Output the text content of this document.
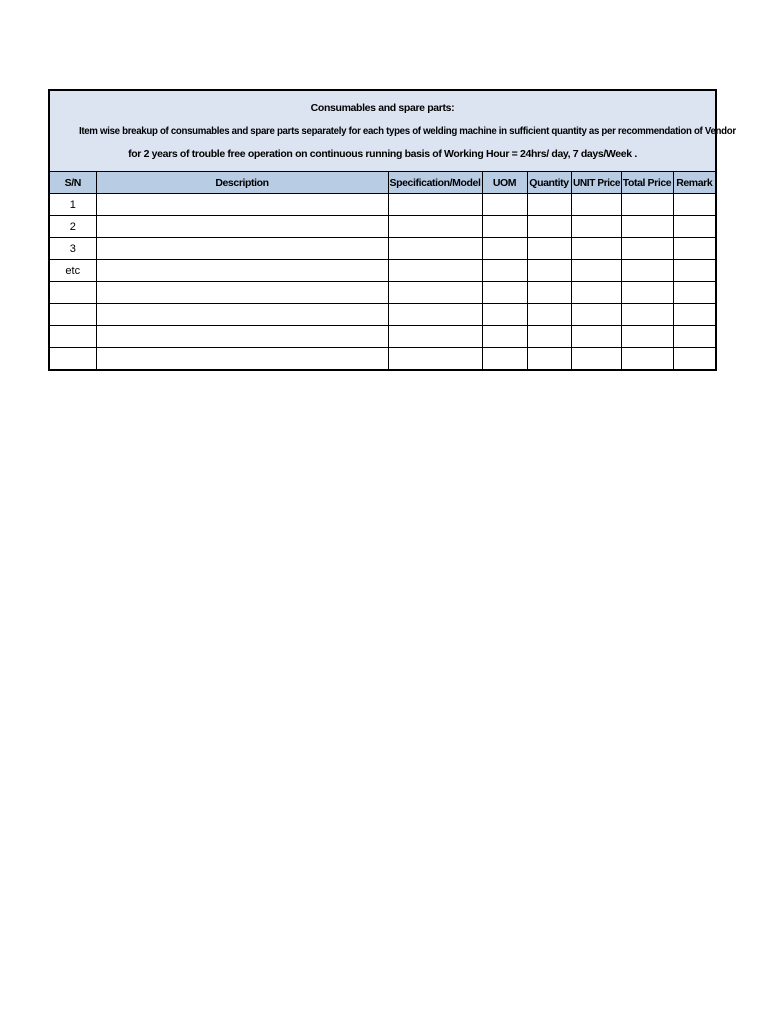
Consumables and spare parts:
Item wise breakup of consumables and spare parts separately for each types of welding machine in sufficient quantity as per recommendation of Vendor
for 2 years of trouble free operation on continuous running basis of Working Hour = 24hrs/ day, 7 days/Week .
S/N	Description	Specification/Model	UOM	Quantity	UNIT Price	Total Price	Remark
1							
2							
3							
etc							
